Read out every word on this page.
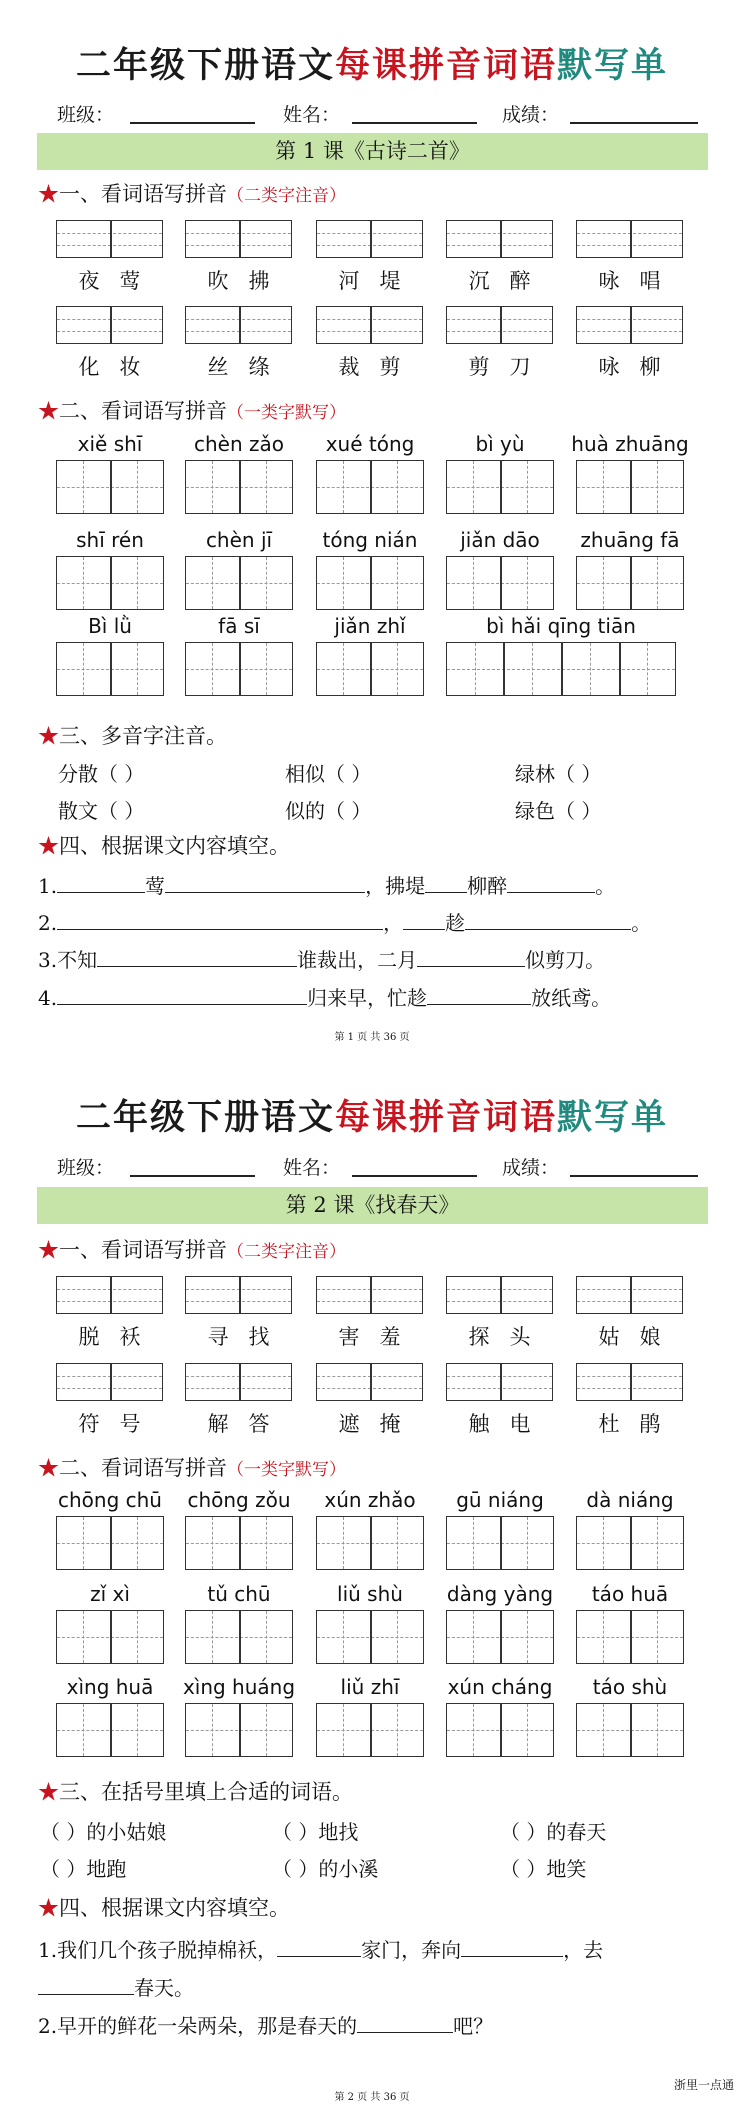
二年级下册语文每课拼音词语默写单
班级：	姓名：	成绩：
第 1 课《古诗二首》
★一、看词语写拼音（二类字注音）
★二、看词语写拼音（一类字默写）
★三、多音字注音。
分散（ ）	相似（ ）	绿林（ ）
散文（ ）	似的（ ）	绿色（ ）
★四、根据课文内容填空。
1.	莺	，拂堤 柳醉	。
2.	， 趁	。
3.不知	谁裁出，二月	似剪刀。
4.	归来早，忙趁	放纸鸢。
第 1 页 共 36 页
夜莺	吹拂	河堤	沉醉	咏唱
化妆	丝绦	裁剪	剪刀	咏柳
xiě shī	chèn zǎo	xué tóng	bì yù	huà zhuāng
shī rén	chèn jī	tóng nián	jiǎn dāo	zhuāng fā
Bì lǜ	fā sī	jiǎn zhǐ	bì hǎi qīng tiān
二年级下册语文每课拼音词语默写单
班级：	姓名：	成绩：
第 2 课《找春天》
★一、看词语写拼音（二类字注音）
★二、看词语写拼音（一类字默写）
★三、在括号里填上合适的词语。
（ ）的小姑娘	（ ）地找	（ ）的春天
（ ）地跑	（ ）的小溪	（ ）地笑
★四、根据课文内容填空。
1.我们几个孩子脱掉棉袄，	家门，奔向	，去
春天。
2.早开的鲜花一朵两朵，那是春天的	吧？
第 2 页 共 36 页
浙里一点通
脱袄	寻找	害羞	探头	姑娘
符号	解答	遮掩	触电	杜鹃
chōng chū	chōng zǒu	xún zhǎo	gū niáng	dà niáng
zǐ xì	tǔ chū	liǔ shù	dàng yàng	táo huā
xìng huā	xìng huáng	liǔ zhī	xún cháng	táo shù
